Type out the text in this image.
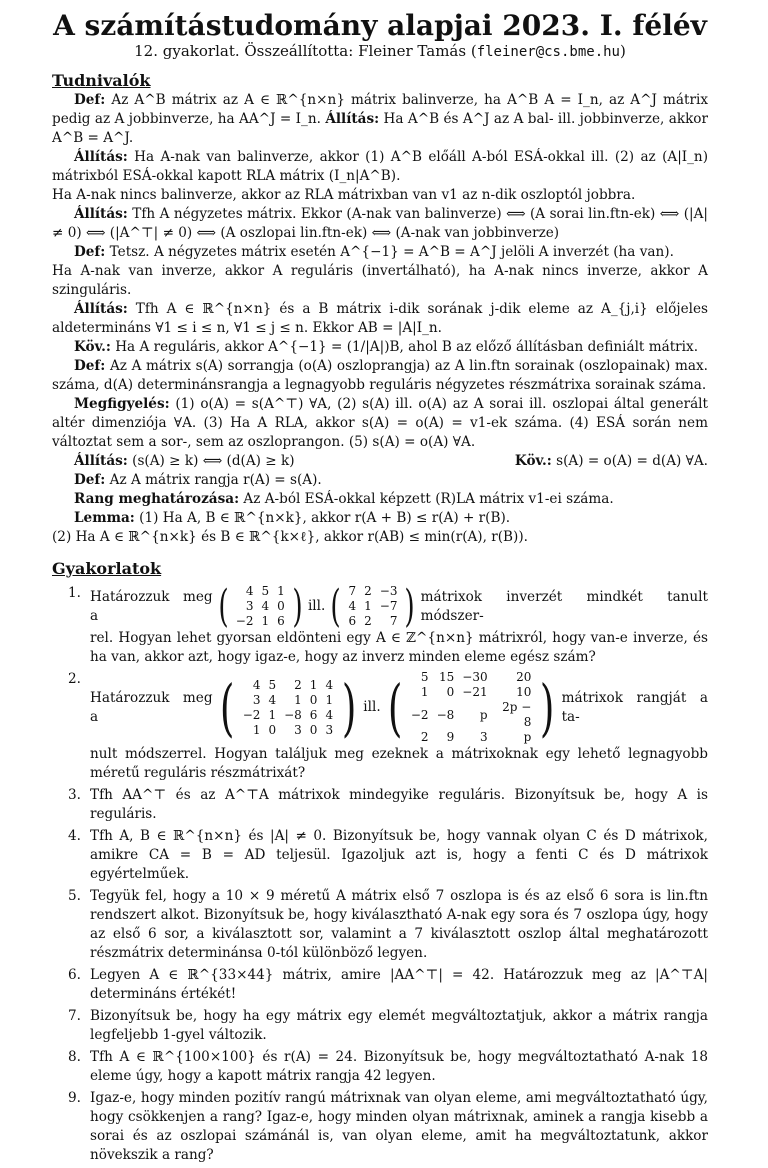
A számítástudomány alapjai 2023. I. félév

12. gyakorlat. Összeállította: Fleiner Tamás (fleiner@cs.bme.hu)

Tudnivalók

Def: Az A^B mátrix az A ∈ ℝ^{n×n} mátrix balinverze, ha A^B A = I_n, az A^J mátrix pedig az A jobbinverze, ha AA^J = I_n. Állítás: Ha A^B és A^J az A bal- ill. jobbinverze, akkor A^B = A^J.

Állítás: Ha A-nak van balinverze, akkor (1) A^B előáll A-ból ESÁ-okkal ill. (2) az (A|I_n) mátrixból ESÁ-okkal kapott RLA mátrix (I_n|A^B).

Ha A-nak nincs balinverze, akkor az RLA mátrixban van v1 az n-dik oszloptól jobbra.

Állítás: Tfh A négyzetes mátrix. Ekkor (A-nak van balinverze) ⟺ (A sorai lin.ftn-ek) ⟺ (|A| ≠ 0) ⟺ (|A^⊤| ≠ 0) ⟺ (A oszlopai lin.ftn-ek) ⟺ (A-nak van jobbinverze)

Def: Tetsz. A négyzetes mátrix esetén A^{−1} = A^B = A^J jelöli A inverzét (ha van).

Ha A-nak van inverze, akkor A reguláris (invertálható), ha A-nak nincs inverze, akkor A szinguláris.

Állítás: Tfh A ∈ ℝ^{n×n} és a B mátrix i-dik sorának j-dik eleme az A_{j,i} előjeles aldetermináns ∀1 ≤ i ≤ n, ∀1 ≤ j ≤ n. Ekkor AB = |A|I_n.

Köv.: Ha A reguláris, akkor A^{−1} = (1/|A|)B, ahol B az előző állításban definiált mátrix.

Def: Az A mátrix s(A) sorrangja (o(A) oszloprangja) az A lin.ftn sorainak (oszlopainak) max. száma, d(A) determinánsrangja a legnagyobb reguláris négyzetes részmátrixa sorainak száma.

Megfigyelés: (1) o(A) = s(A^⊤) ∀A, (2) s(A) ill. o(A) az A sorai ill. oszlopai által generált altér dimenziója ∀A. (3) Ha A RLA, akkor s(A) = o(A) = v1-ek száma. (4) ESÁ során nem változtat sem a sor-, sem az oszloprangon. (5) s(A) = o(A) ∀A.

Állítás: (s(A) ≥ k) ⟺ (d(A) ≥ k)	Köv.: s(A) = o(A) = d(A) ∀A.

Def: Az A mátrix rangja r(A) = s(A).

Rang meghatározása: Az A-ból ESÁ-okkal képzett (R)LA mátrix v1-ei száma.

Lemma: (1) Ha A, B ∈ ℝ^{n×k}, akkor r(A + B) ≤ r(A) + r(B).

(2) Ha A ∈ ℝ^{n×k} és B ∈ ℝ^{k×ℓ}, akkor r(AB) ≤ min(r(A), r(B)).

Gyakorlatok
1. Határozzuk meg a	( 4	5	1
3	4	0
−2	1	6 ) ill. ( 7	2	−3
4	1	−7
6	2	7 ) mátrixok inverzét mindkét tanult módszer-
rel. Hogyan lehet gyorsan eldönteni egy A ∈ ℤ^{n×n} mátrixról, hogy van-e inverze, és ha van, akkor azt, hogy igaz-e, hogy az inverz minden eleme egész szám?
2.
Határozzuk meg a	( 4	5	2	1	4
3	4	1	0	1
−2	1	−8	6	4
1	0	3	0	3 ) ill. ( 5	15	−30	20
1	0	−21	10
−2	−8	p	2p − 8
2	9	3	p ) mátrixok rangját a ta-
nult módszerrel. Hogyan találjuk meg ezeknek a mátrixoknak egy lehető legnagyobb méretű reguláris részmátrixát?
3. Tfh AA^⊤ és az A^⊤A mátrixok mindegyike reguláris. Bizonyítsuk be, hogy A is reguláris.
4. Tfh A, B ∈ ℝ^{n×n} és |A| ≠ 0. Bizonyítsuk be, hogy vannak olyan C és D mátrixok, amikre CA = B = AD teljesül. Igazoljuk azt is, hogy a fenti C és D mátrixok egyértelműek.
5. Tegyük fel, hogy a 10 × 9 méretű A mátrix első 7 oszlopa is és az első 6 sora is lin.ftn rendszert alkot. Bizonyítsuk be, hogy kiválasztható A-nak egy sora és 7 oszlopa úgy, hogy az első 6 sor, a kiválasztott sor, valamint a 7 kiválasztott oszlop által meghatározott részmátrix determinánsa 0-tól különböző legyen.
6. Legyen A ∈ ℝ^{33×44} mátrix, amire |AA^⊤| = 42. Határozzuk meg az |A^⊤A| determináns értékét!
7. Bizonyítsuk be, hogy ha egy mátrix egy elemét megváltoztatjuk, akkor a mátrix rangja legfeljebb 1-gyel változik.
8. Tfh A ∈ ℝ^{100×100} és r(A) = 24. Bizonyítsuk be, hogy megváltoztatható A-nak 18 eleme úgy, hogy a kapott mátrix rangja 42 legyen.
9. Igaz-e, hogy minden pozitív rangú mátrixnak van olyan eleme, ami megváltoztatható úgy, hogy csökkenjen a rang? Igaz-e, hogy minden olyan mátrixnak, aminek a rangja kisebb a sorai és az oszlopai számánál is, van olyan eleme, amit ha megváltoztatunk, akkor növekszik a rang?
